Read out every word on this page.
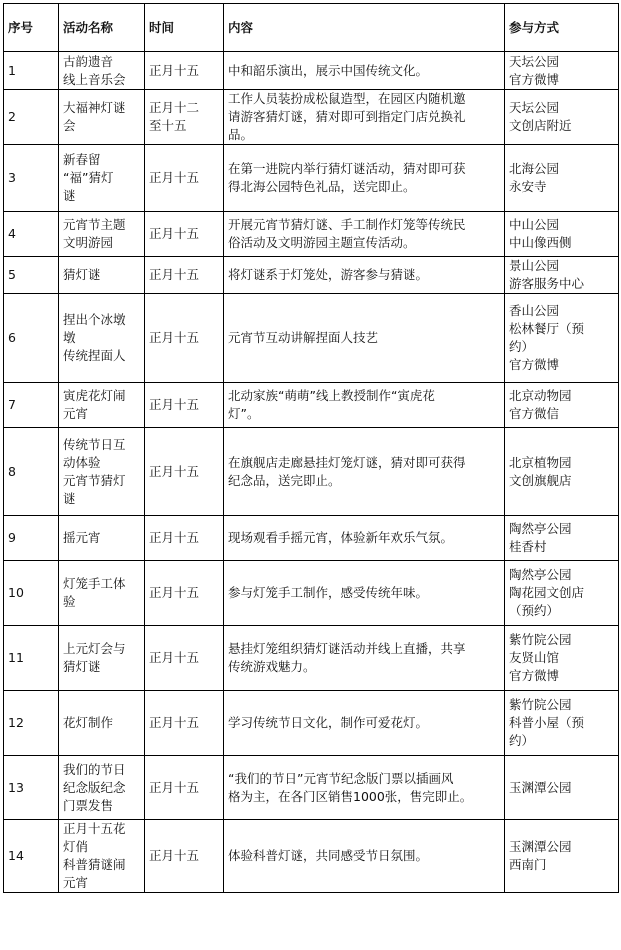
序号	活动名称	时间	内容	参与方式
1	古韵遗音
线上音乐会	正月十五	中和韶乐演出，展示中国传统文化。	天坛公园
官方微博

2	大福神灯谜
会	正月十二
至十五	工作人员装扮成松鼠造型，在园区内随机邀
请游客猜灯谜，猜对即可到指定门店兑换礼
品。	天坛公园
文创店附近

3	新春留
“福”猜灯
谜	正月十五	在第一进院内举行猜灯谜活动，猜对即可获
得北海公园特色礼品，送完即止。	北海公园
永安寺

4	元宵节主题
文明游园	正月十五	开展元宵节猜灯谜、手工制作灯笼等传统民
俗活动及文明游园主题宣传活动。	中山公园
中山像西侧

5	猜灯谜	正月十五	将灯谜系于灯笼处，游客参与猜谜。	景山公园
游客服务中心

6	捏出个冰墩
墩
传统捏面人	正月十五	元宵节互动讲解捏面人技艺	香山公园
松林餐厅（预
约）
官方微博

7	寅虎花灯闹
元宵	正月十五	北动家族“萌萌”线上教授制作“寅虎花
灯”。	北京动物园
官方微信

8	传统节日互
动体验
元宵节猜灯
谜	正月十五	在旗舰店走廊悬挂灯笼灯谜，猜对即可获得
纪念品，送完即止。	北京植物园
文创旗舰店

9	摇元宵	正月十五	现场观看手摇元宵，体验新年欢乐气氛。	陶然亭公园
桂香村

10	灯笼手工体
验	正月十五	参与灯笼手工制作，感受传统年味。	陶然亭公园
陶花园文创店
（预约）

11	上元灯会与
猜灯谜	正月十五	悬挂灯笼组织猜灯谜活动并线上直播，共享
传统游戏魅力。	紫竹院公园
友贤山馆
官方微博

12	花灯制作	正月十五	学习传统节日文化，制作可爱花灯。	紫竹院公园
科普小屋（预
约）

13	我们的节日
纪念版纪念
门票发售	正月十五	“我们的节日”元宵节纪念版门票以插画风
格为主，在各门区销售1000张，售完即止。	玉渊潭公园

14	正月十五花
灯俏
科普猜谜闹
元宵	正月十五	体验科普灯谜，共同感受节日氛围。	玉渊潭公园
西南门
